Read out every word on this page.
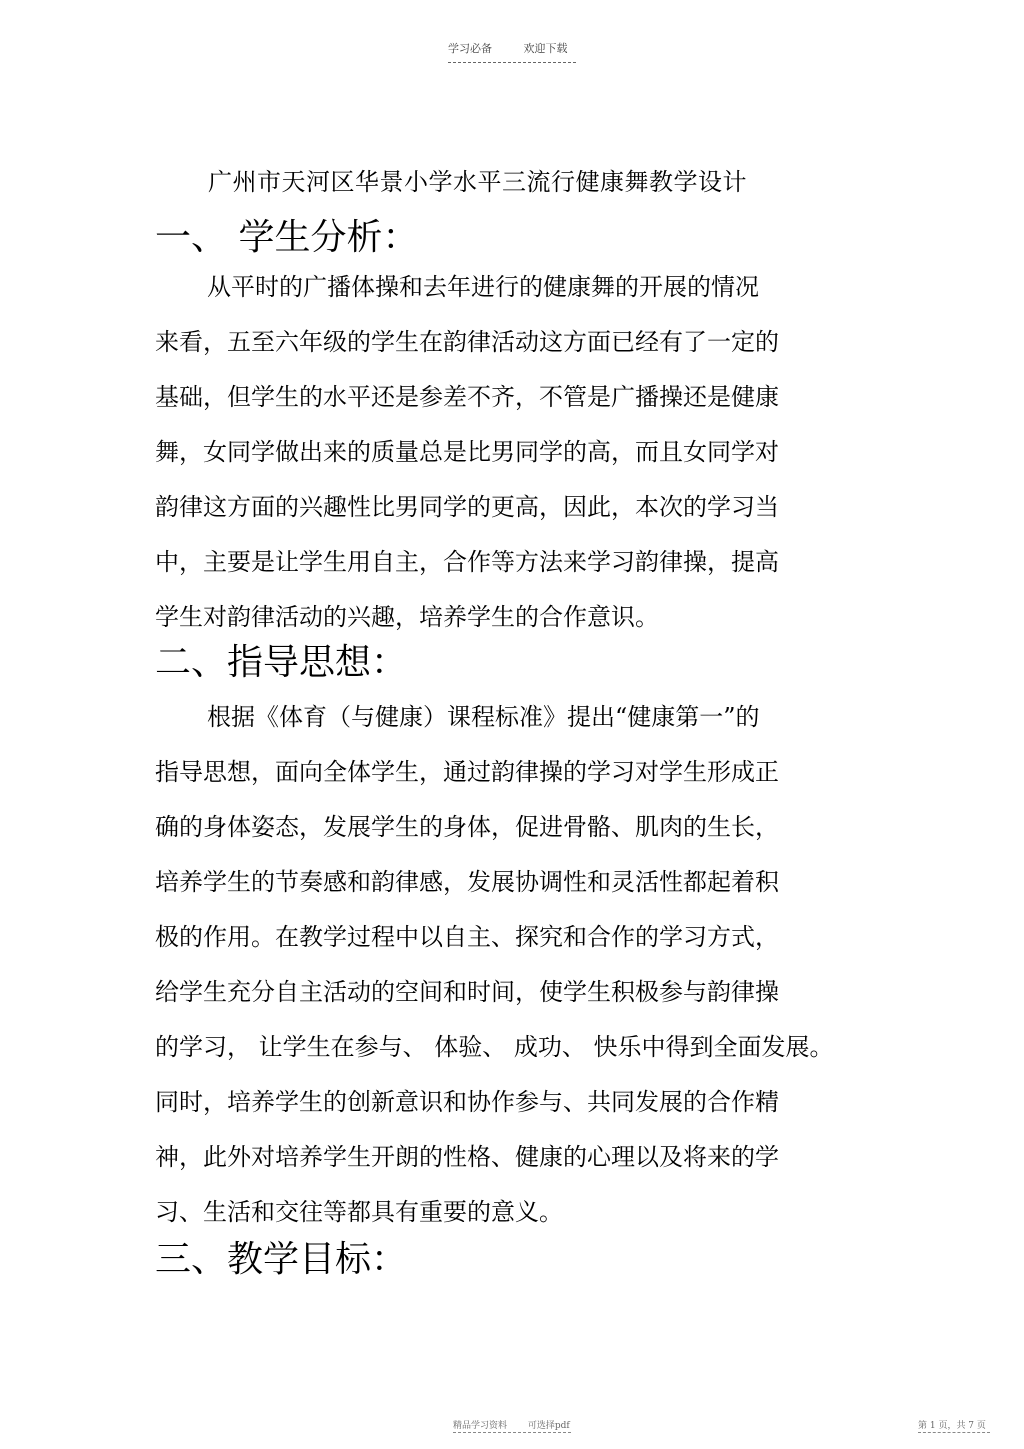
学习必备	欢迎下载
广州市天河区华景小学水平三流行健康舞教学设计
一、 学生分析：
从平时的广播体操和去年进行的健康舞的开展的情况
来看，五至六年级的学生在韵律活动这方面已经有了一定的
基础，但学生的水平还是参差不齐，不管是广播操还是健康
舞，女同学做出来的质量总是比男同学的高，而且女同学对
韵律这方面的兴趣性比男同学的更高，因此，本次的学习当
中，主要是让学生用自主，合作等方法来学习韵律操，提高
学生对韵律活动的兴趣，培养学生的合作意识。
二、指导思想：
根据《体育（与健康）课程标准》提出“健康第一”的
指导思想，面向全体学生，通过韵律操的学习对学生形成正
确的身体姿态，发展学生的身体，促进骨骼、肌肉的生长，
培养学生的节奏感和韵律感，发展协调性和灵活性都起着积
极的作用。在教学过程中以自主、探究和合作的学习方式，
给学生充分自主活动的空间和时间，使学生积极参与韵律操
的学习， 让学生在参与、 体验、 成功、 快乐中得到全面发展。
同时，培养学生的创新意识和协作参与、共同发展的合作精
神，此外对培养学生开朗的性格、健康的心理以及将来的学
习、生活和交往等都具有重要的意义。
三、教学目标：
精品学习资料 可选择pdf	第 1 页，共 7 页
